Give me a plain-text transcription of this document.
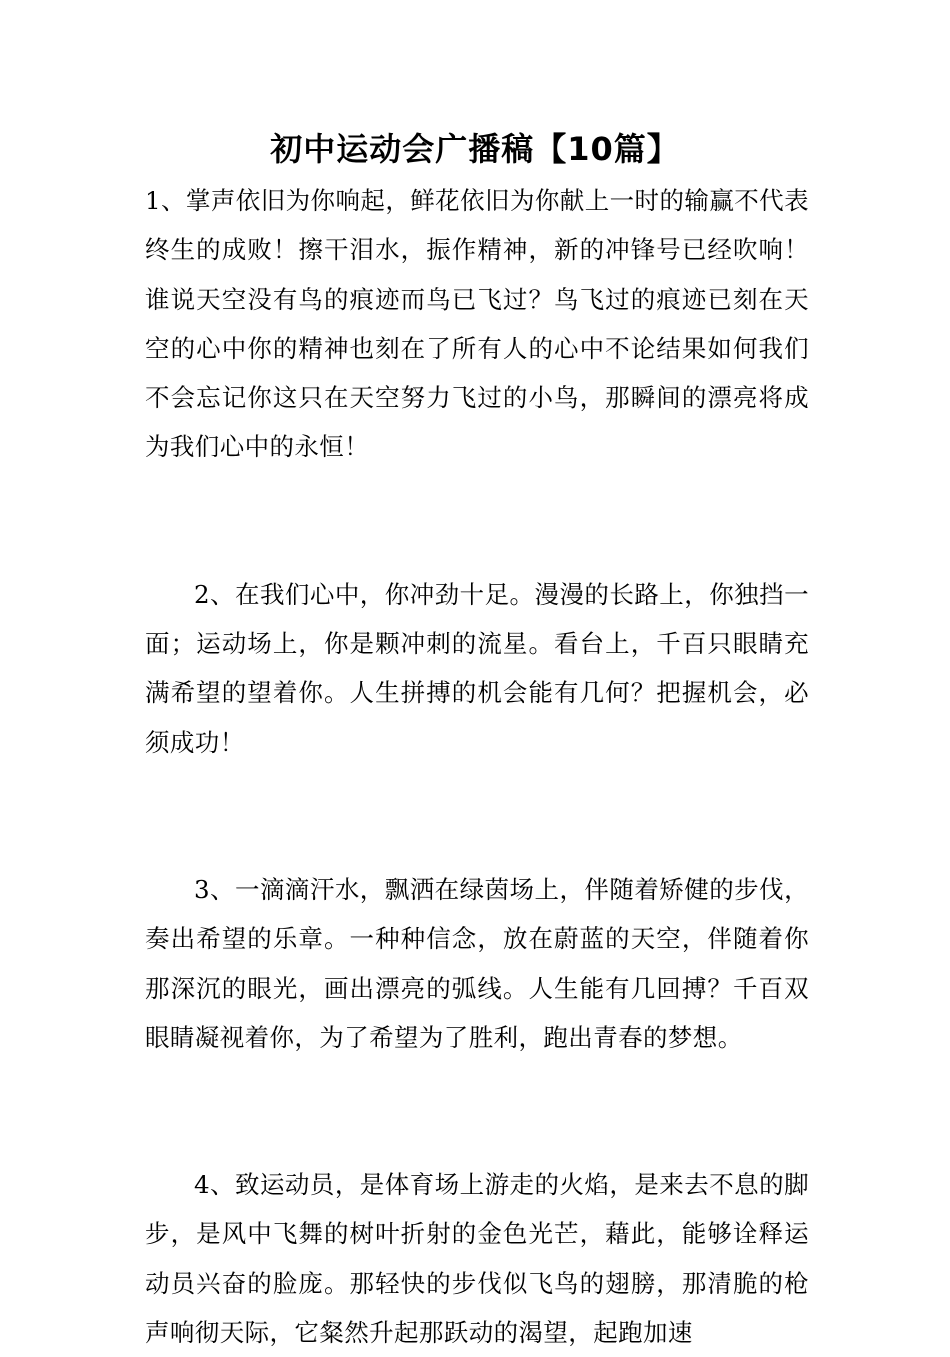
初中运动会广播稿【10篇】

1、掌声依旧为你响起，鲜花依旧为你献上一时的输赢不代表终生的成败！擦干泪水，振作精神，新的冲锋号已经吹响！谁说天空没有鸟的痕迹而鸟已飞过？鸟飞过的痕迹已刻在天空的心中你的精神也刻在了所有人的心中不论结果如何我们不会忘记你这只在天空努力飞过的小鸟，那瞬间的漂亮将成为我们心中的永恒！

2、在我们心中，你冲劲十足。漫漫的长路上，你独挡一面；运动场上，你是颗冲刺的流星。看台上，千百只眼睛充满希望的望着你。人生拼搏的机会能有几何？把握机会，必须成功！

3、一滴滴汗水，飘洒在绿茵场上，伴随着矫健的步伐，奏出希望的乐章。一种种信念，放在蔚蓝的天空，伴随着你那深沉的眼光，画出漂亮的弧线。人生能有几回搏？千百双眼睛凝视着你，为了希望为了胜利，跑出青春的梦想。

4、致运动员，是体育场上游走的火焰，是来去不息的脚步，是风中飞舞的树叶折射的金色光芒，藉此，能够诠释运动员兴奋的脸庞。那轻快的步伐似飞鸟的翅膀，那清脆的枪声响彻天际，它粲然升起那跃动的渴望，起跑加速
